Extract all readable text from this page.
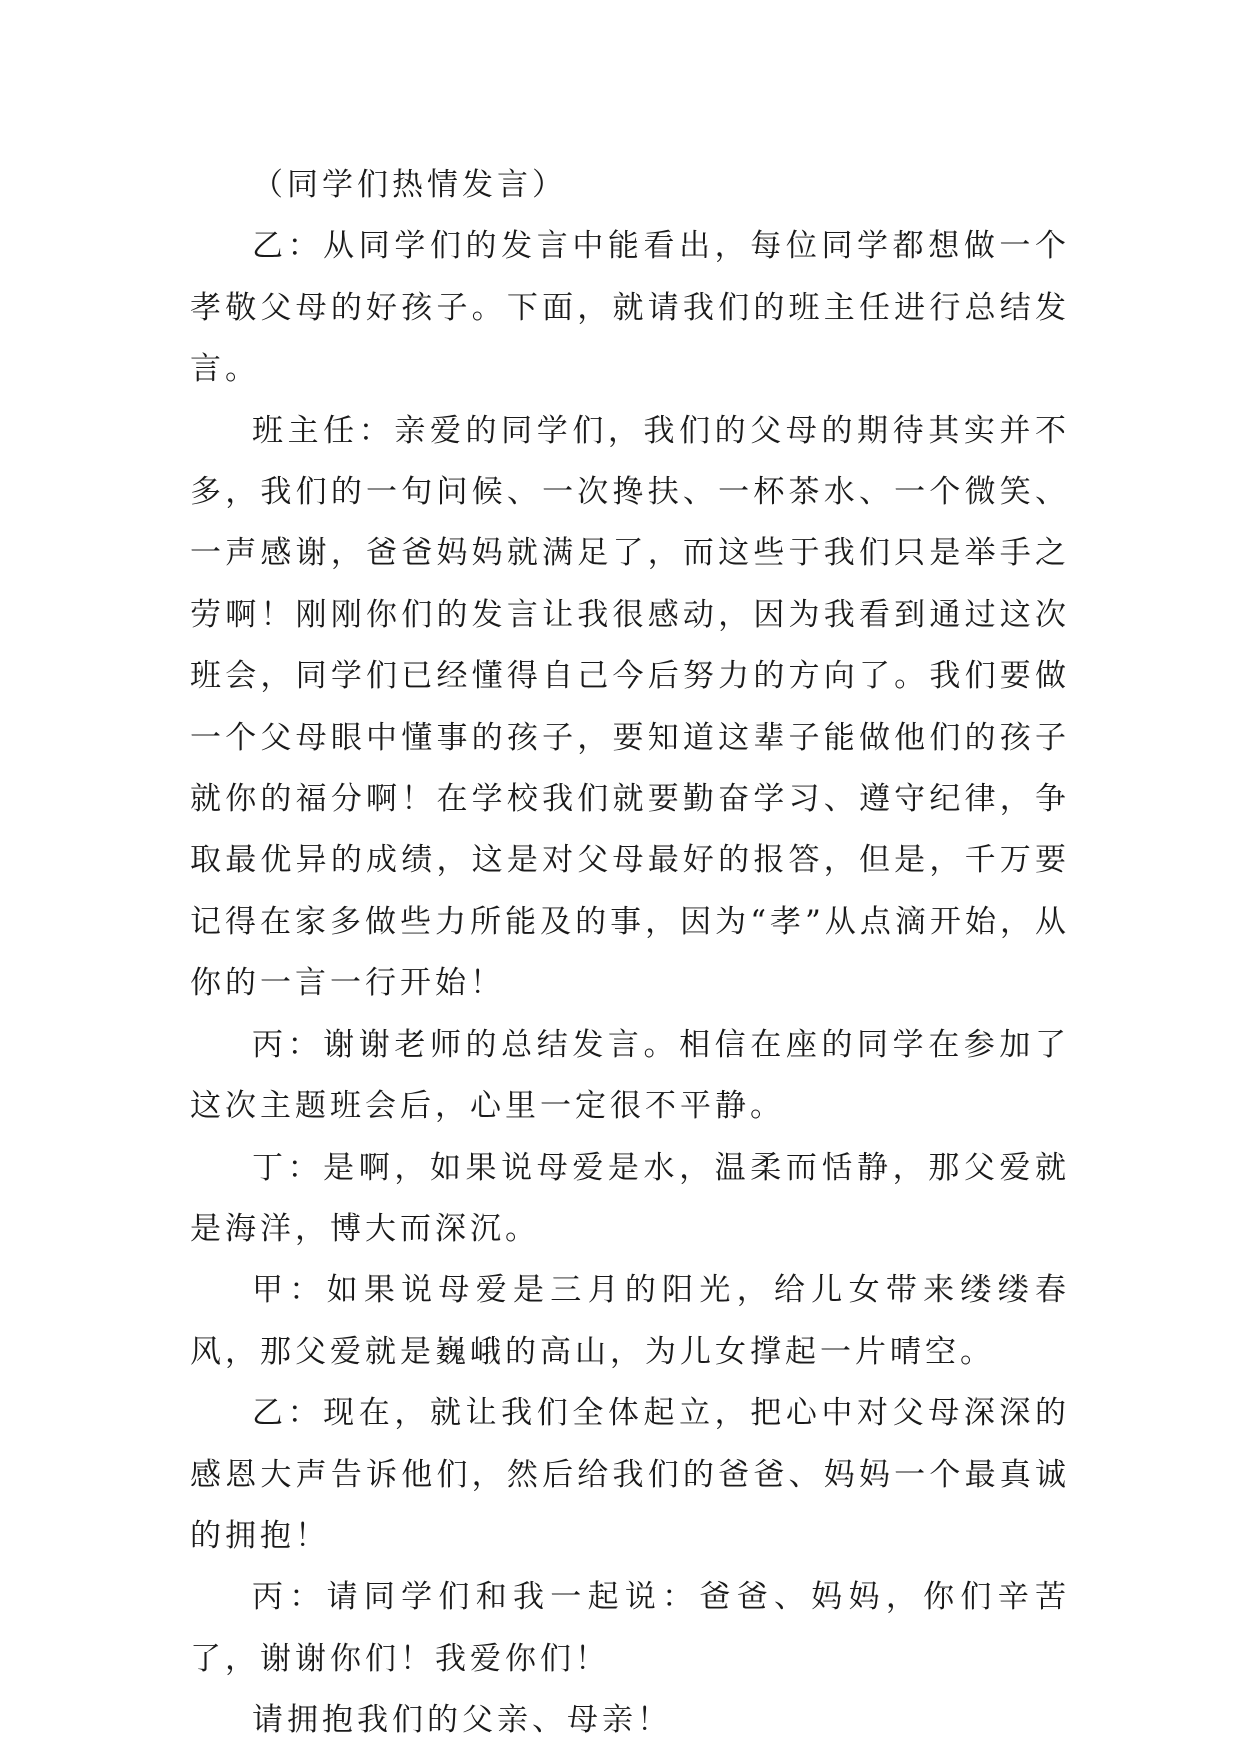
（同学们热情发言）

乙：从同学们的发言中能看出，每位同学都想做一个孝敬父母的好孩子。下面，就请我们的班主任进行总结发言。

班主任：亲爱的同学们，我们的父母的期待其实并不多，我们的一句问候、一次搀扶、一杯茶水、一个微笑、一声感谢，爸爸妈妈就满足了，而这些于我们只是举手之劳啊！刚刚你们的发言让我很感动，因为我看到通过这次班会，同学们已经懂得自己今后努力的方向了。我们要做一个父母眼中懂事的孩子，要知道这辈子能做他们的孩子就你的福分啊！在学校我们就要勤奋学习、遵守纪律，争取最优异的成绩，这是对父母最好的报答，但是，千万要记得在家多做些力所能及的事，因为“孝”从点滴开始，从你的一言一行开始！

丙：谢谢老师的总结发言。相信在座的同学在参加了这次主题班会后，心里一定很不平静。

丁：是啊，如果说母爱是水，温柔而恬静，那父爱就是海洋，博大而深沉。

甲：如果说母爱是三月的阳光，给儿女带来缕缕春风，那父爱就是巍峨的高山，为儿女撑起一片晴空。

乙：现在，就让我们全体起立，把心中对父母深深的感恩大声告诉他们，然后给我们的爸爸、妈妈一个最真诚的拥抱！

丙：请同学们和我一起说：爸爸、妈妈，你们辛苦了，谢谢你们！我爱你们！

请拥抱我们的父亲、母亲！
